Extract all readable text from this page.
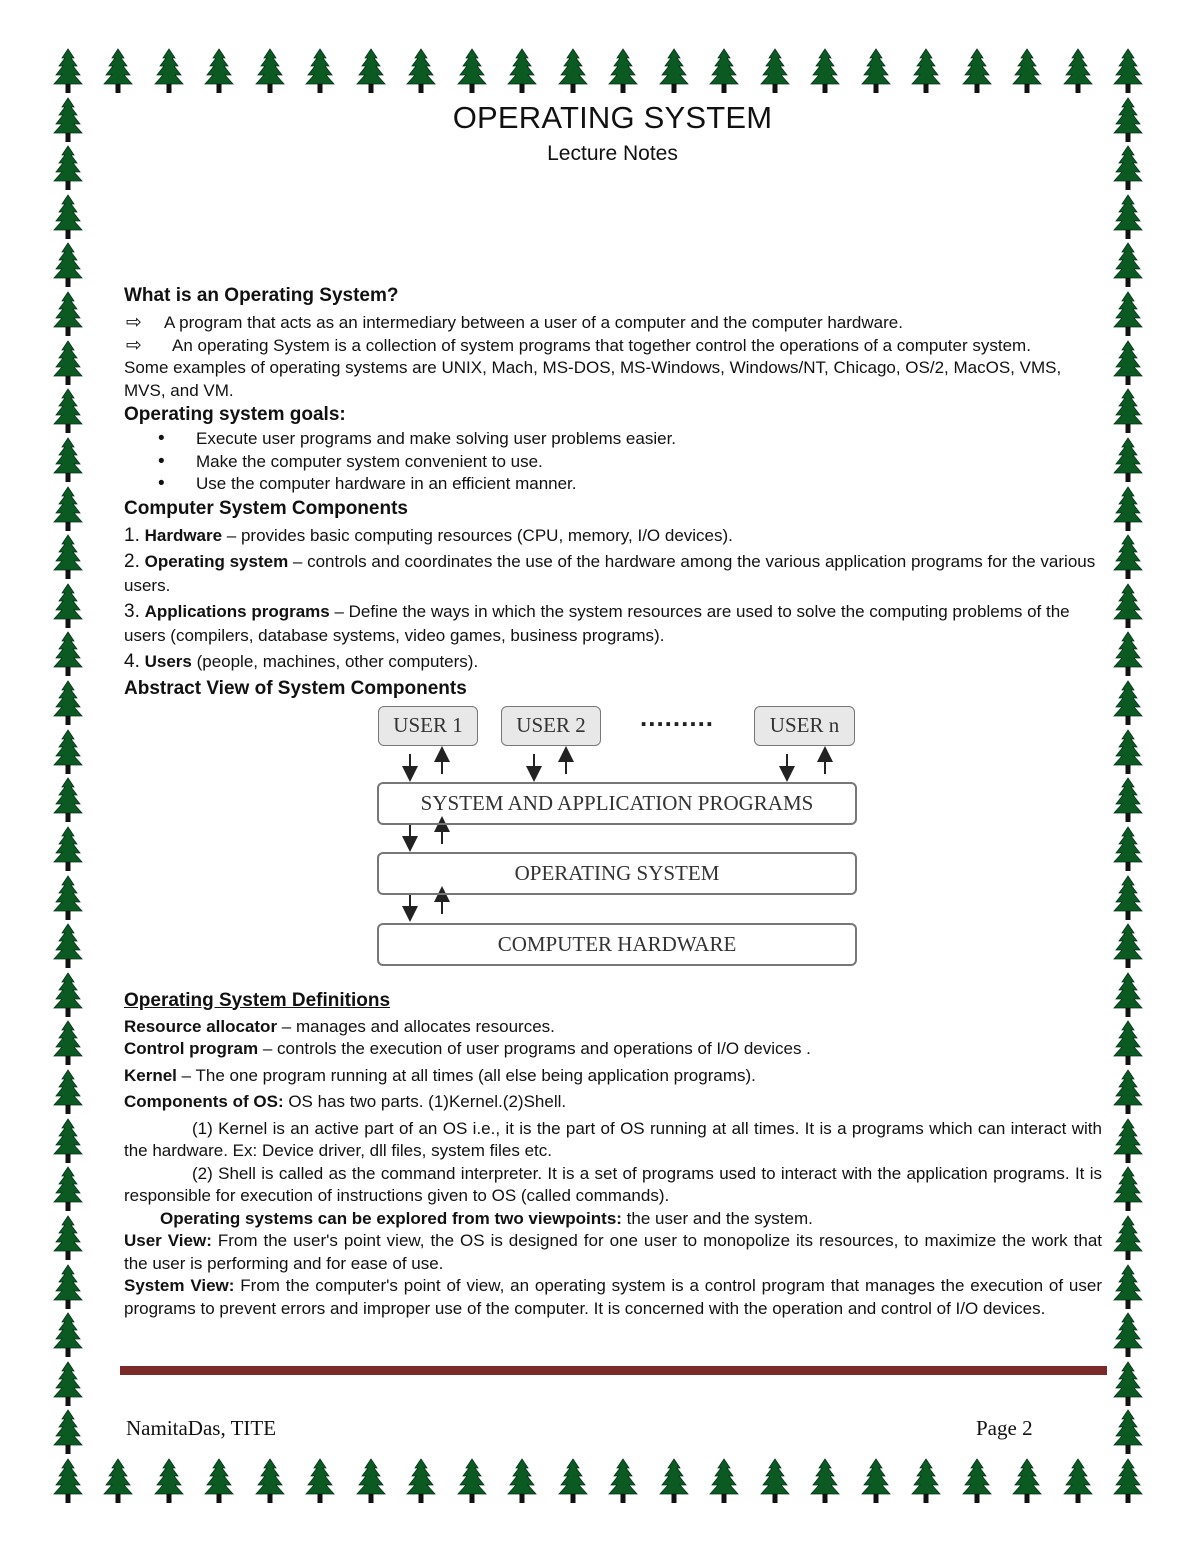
OPERATING SYSTEM
Lecture Notes
What is an Operating System?
⇨ A program that acts as an intermediary between a user of a computer and the computer hardware.
⇨ An operating System is a collection of system programs that together control the operations of a computer system.
Some examples of operating systems are UNIX, Mach, MS-DOS, MS-Windows, Windows/NT, Chicago, OS/2, MacOS, VMS, MVS, and VM.
Operating system goals:
• Execute user programs and make solving user problems easier.
• Make the computer system convenient to use.
• Use the computer hardware in an efficient manner.
Computer System Components
1. Hardware – provides basic computing resources (CPU, memory, I/O devices).
2. Operating system – controls and coordinates the use of the hardware among the various application programs for the various users.
3. Applications programs – Define the ways in which the system resources are used to solve the computing problems of the users (compilers, database systems, video games, business programs).
4. Users (people, machines, other computers).
Abstract View of System Components
USER 1	USER 2	.........	USER n
SYSTEM AND APPLICATION PROGRAMS
OPERATING SYSTEM
COMPUTER HARDWARE
Operating System Definitions
Resource allocator – manages and allocates resources.
Control program – controls the execution of user programs and operations of I/O devices .
Kernel – The one program running at all times (all else being application programs).
Components of OS: OS has two parts. (1)Kernel.(2)Shell.
(1) Kernel is an active part of an OS i.e., it is the part of OS running at all times. It is a programs which can interact with the hardware. Ex: Device driver, dll files, system files etc.
(2) Shell is called as the command interpreter. It is a set of programs used to interact with the application programs. It is responsible for execution of instructions given to OS (called commands).
Operating systems can be explored from two viewpoints: the user and the system.
User View: From the user's point view, the OS is designed for one user to monopolize its resources, to maximize the work that the user is performing and for ease of use.
System View: From the computer's point of view, an operating system is a control program that manages the execution of user programs to prevent errors and improper use of the computer. It is concerned with the operation and control of I/O devices.
NamitaDas, TITE	Page 2
